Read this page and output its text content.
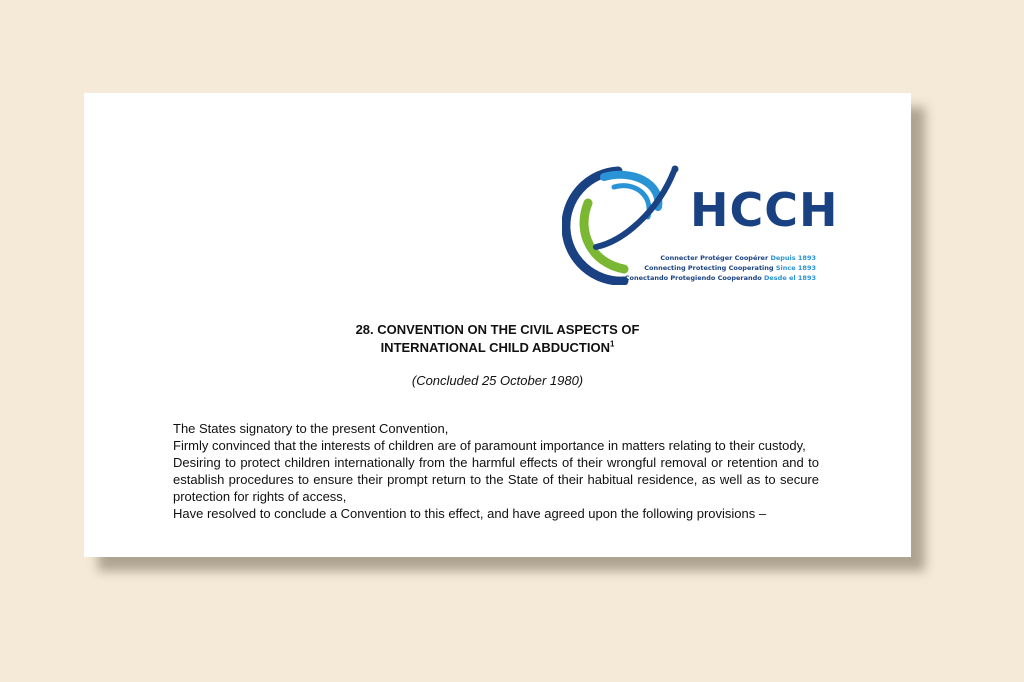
HCCH
Connecter Protéger Coopérer Depuis 1893
Connecting Protecting Cooperating Since 1893
Conectando Protegiendo Cooperando Desde el 1893
28. CONVENTION ON THE CIVIL ASPECTS OF
INTERNATIONAL CHILD ABDUCTION$^1$
(Concluded 25 October 1980)

The States signatory to the present Convention,

Firmly convinced that the interests of children are of paramount importance in matters relating to their custody,

Desiring to protect children internationally from the harmful effects of their wrongful removal or retention and to establish procedures to ensure their prompt return to the State of their habitual residence, as well as to secure protection for rights of access,

Have resolved to conclude a Convention to this effect, and have agreed upon the following provisions –
